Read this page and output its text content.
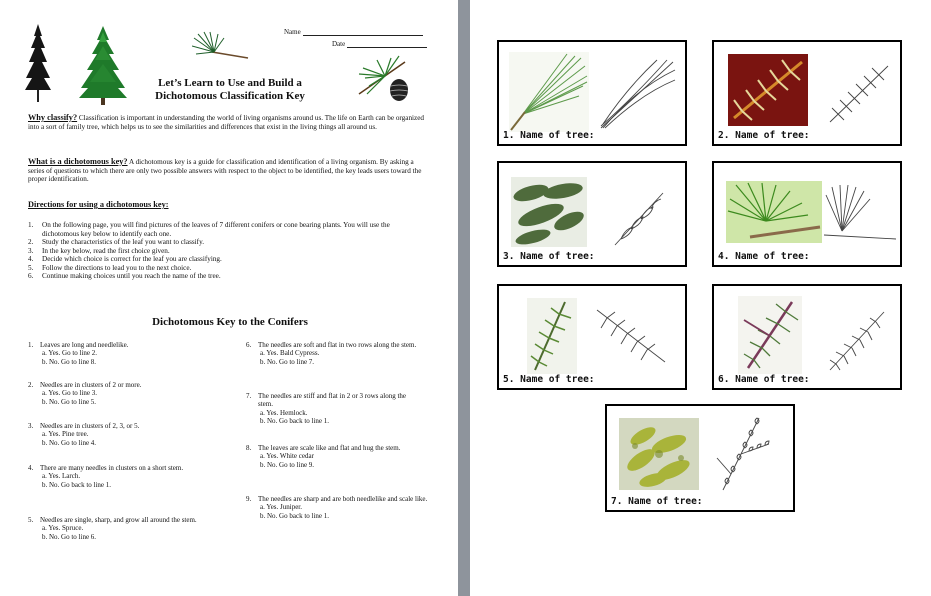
Name
Date
Let’s Learn to Use and Build a
Dichotomous Classification Key
Why classify? Classification is important in understanding the world of living organisms around us. The life on Earth can be organized into a sort of family tree, which helps us to see the similarities and differences that exist in the living things all around us.
What is a dichotomous key? A dichotomous key is a guide for classification and identification of a living organism. By asking a series of questions to which there are only two possible answers with respect to the object to be identified, the key leads users toward the proper identification.
Directions for using a dichotomous key:
1. On the following page, you will find pictures of the leaves of 7 different conifers or cone bearing plants. You will use the dichotomous key below to identify each one.
2. Study the characteristics of the leaf you want to classify.
3. In the key below, read the first choice given.
4. Decide which choice is correct for the leaf you are classifying.
5. Follow the directions to lead you to the next choice.
6. Continue making choices until you reach the name of the tree.
Dichotomous Key to the Conifers
1. Leaves are long and needlelike.
a. Yes. Go to line 2.
b. No. Go to line 8.
2. Needles are in clusters of 2 or more.
a. Yes. Go to line 3.
b. No. Go to line 5.
3. Needles are in clusters of 2, 3, or 5.
a. Yes. Pine tree.
b. No. Go to line 4.
4. There are many needles in clusters on a short stem.
a. Yes. Larch.
b. No. Go back to line 1.
5. Needles are single, sharp, and grow all around the stem.
a. Yes. Spruce.
b. No. Go to line 6.
6. The needles are soft and flat in two rows along the stem.
a. Yes. Bald Cypress.
b. No. Go to line 7.
7. The needles are stiff and flat in 2 or 3 rows along the stem.
a. Yes. Hemlock.
b. No. Go back to line 1.
8. The leaves are scale like and flat and hug the stem.
a. Yes. White cedar
b. No. Go to line 9.
9. The needles are sharp and are both needlelike and scale like.
a. Yes. Juniper.
b. No. Go back to line 1.
1. Name of tree:	2. Name of tree:
3. Name of tree:	4. Name of tree:
5. Name of tree:	6. Name of tree:
7. Name of tree:
